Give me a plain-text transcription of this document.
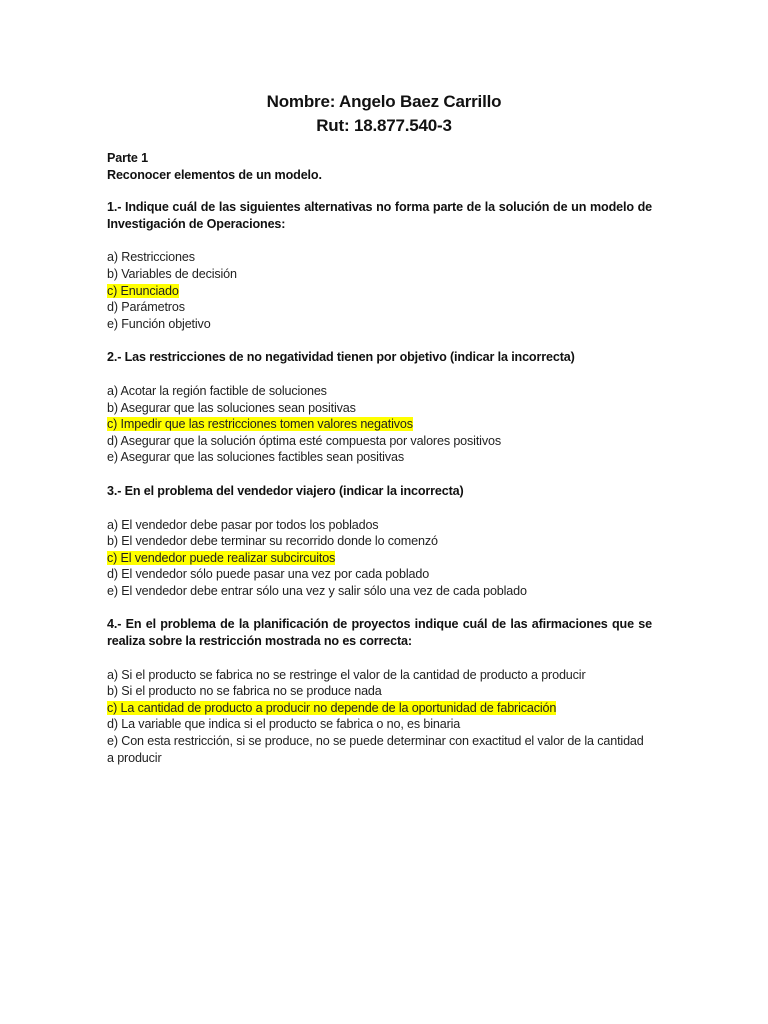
Nombre: Angelo Baez Carrillo
Rut: 18.877.540-3

Parte 1

Reconocer elementos de un modelo.

1.- Indique cuál de las siguientes alternativas no forma parte de la solución de un modelo de Investigación de Operaciones:

a) Restricciones

b) Variables de decisión

c) Enunciado

d) Parámetros

e) Función objetivo

2.- Las restricciones de no negatividad tienen por objetivo (indicar la incorrecta)

a) Acotar la región factible de soluciones

b) Asegurar que las soluciones sean positivas

c) Impedir que las restricciones tomen valores negativos

d) Asegurar que la solución óptima esté compuesta por valores positivos

e) Asegurar que las soluciones factibles sean positivas

3.- En el problema del vendedor viajero (indicar la incorrecta)

a) El vendedor debe pasar por todos los poblados

b) El vendedor debe terminar su recorrido donde lo comenzó

c) El vendedor puede realizar subcircuitos

d) El vendedor sólo puede pasar una vez por cada poblado

e) El vendedor debe entrar sólo una vez y salir sólo una vez de cada poblado

4.- En el problema de la planificación de proyectos indique cuál de las afirmaciones que se realiza sobre la restricción mostrada no es correcta:

a) Si el producto se fabrica no se restringe el valor de la cantidad de producto a producir

b) Si el producto no se fabrica no se produce nada

c) La cantidad de producto a producir no depende de la oportunidad de fabricación

d) La variable que indica si el producto se fabrica o no, es binaria

e) Con esta restricción, si se produce, no se puede determinar con exactitud el valor de la cantidad a producir
